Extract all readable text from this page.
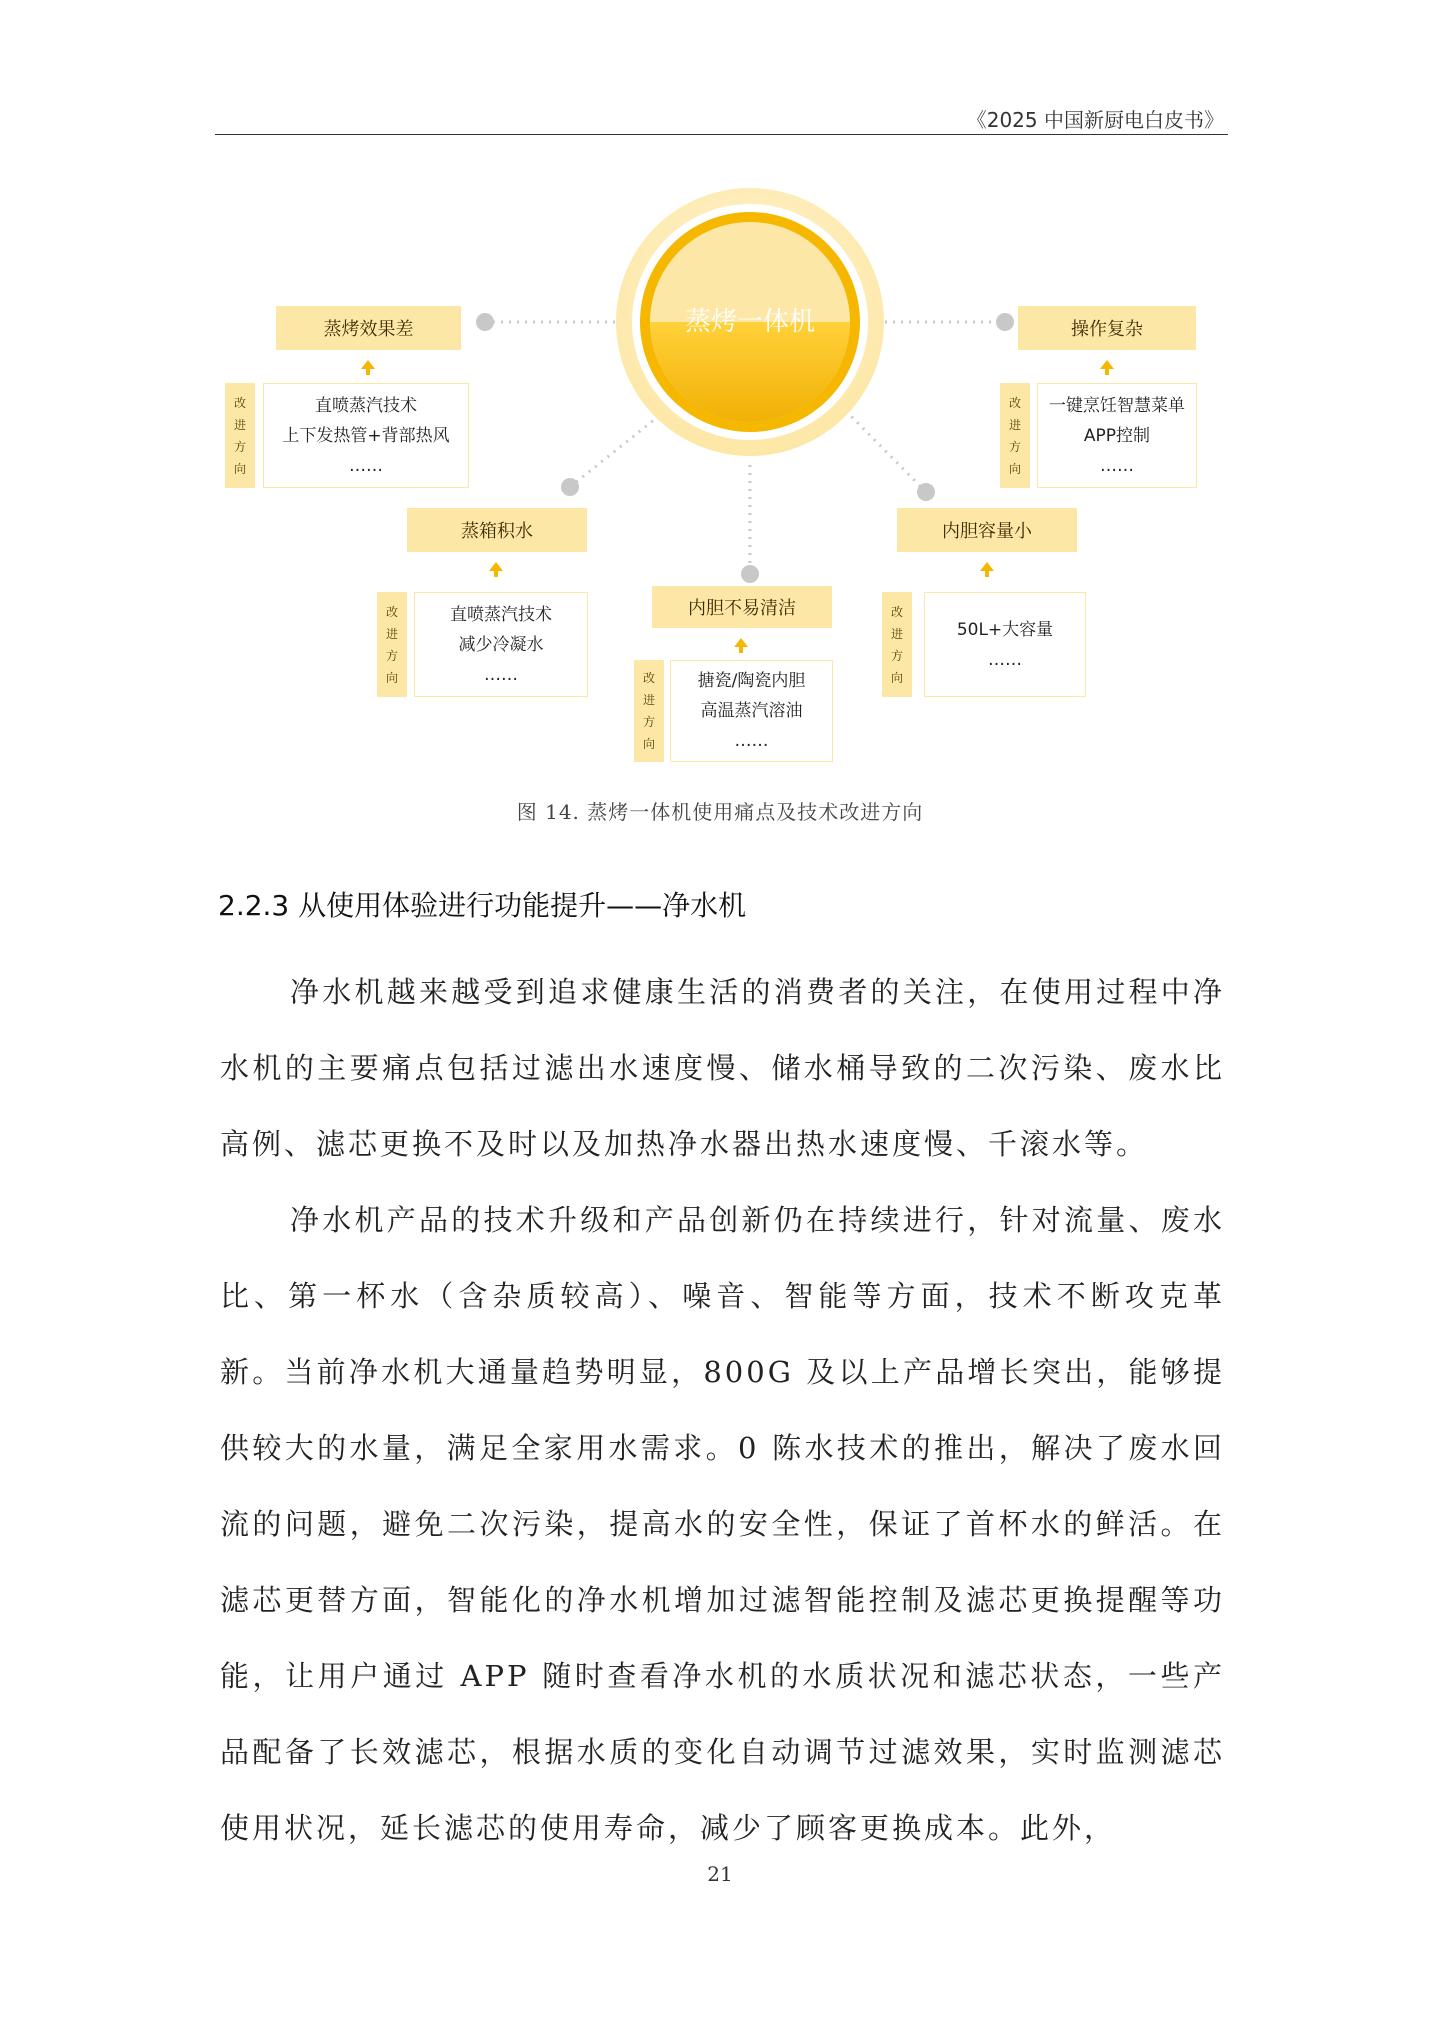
《2025 中国新厨电白皮书》
蒸烤一体机
蒸烤效果差
改
进
方
向
直喷蒸汽技术
上下发热管+背部热风
……
操作复杂
改
进
方
向
一键烹饪智慧菜单
APP控制
……
蒸箱积水
改
进
方
向
直喷蒸汽技术
减少冷凝水
……
内胆不易清洁
改
进
方
向
搪瓷/陶瓷内胆
高温蒸汽溶油
……
内胆容量小
改
进
方
向
50L+大容量
……
图 14. 蒸烤一体机使用痛点及技术改进方向
2.2.3 从使用体验进行功能提升——净水机

净水机越来越受到追求健康生活的消费者的关注，在使用过程中净水机的主要痛点包括过滤出水速度慢、储水桶导致的二次污染、废水比高例、滤芯更换不及时以及加热净水器出热水速度慢、千滚水等。

净水机产品的技术升级和产品创新仍在持续进行，针对流量、废水比、第一杯水（含杂质较高）、噪音、智能等方面，技术不断攻克革新。当前净水机大通量趋势明显，800G 及以上产品增长突出，能够提供较大的水量，满足全家用水需求。0 陈水技术的推出，解决了废水回流的问题，避免二次污染，提高水的安全性，保证了首杯水的鲜活。在滤芯更替方面，智能化的净水机增加过滤智能控制及滤芯更换提醒等功能，让用户通过 APP 随时查看净水机的水质状况和滤芯状态，一些产品配备了长效滤芯，根据水质的变化自动调节过滤效果，实时监测滤芯使用状况，延长滤芯的使用寿命，减少了顾客更换成本。此外，

21
